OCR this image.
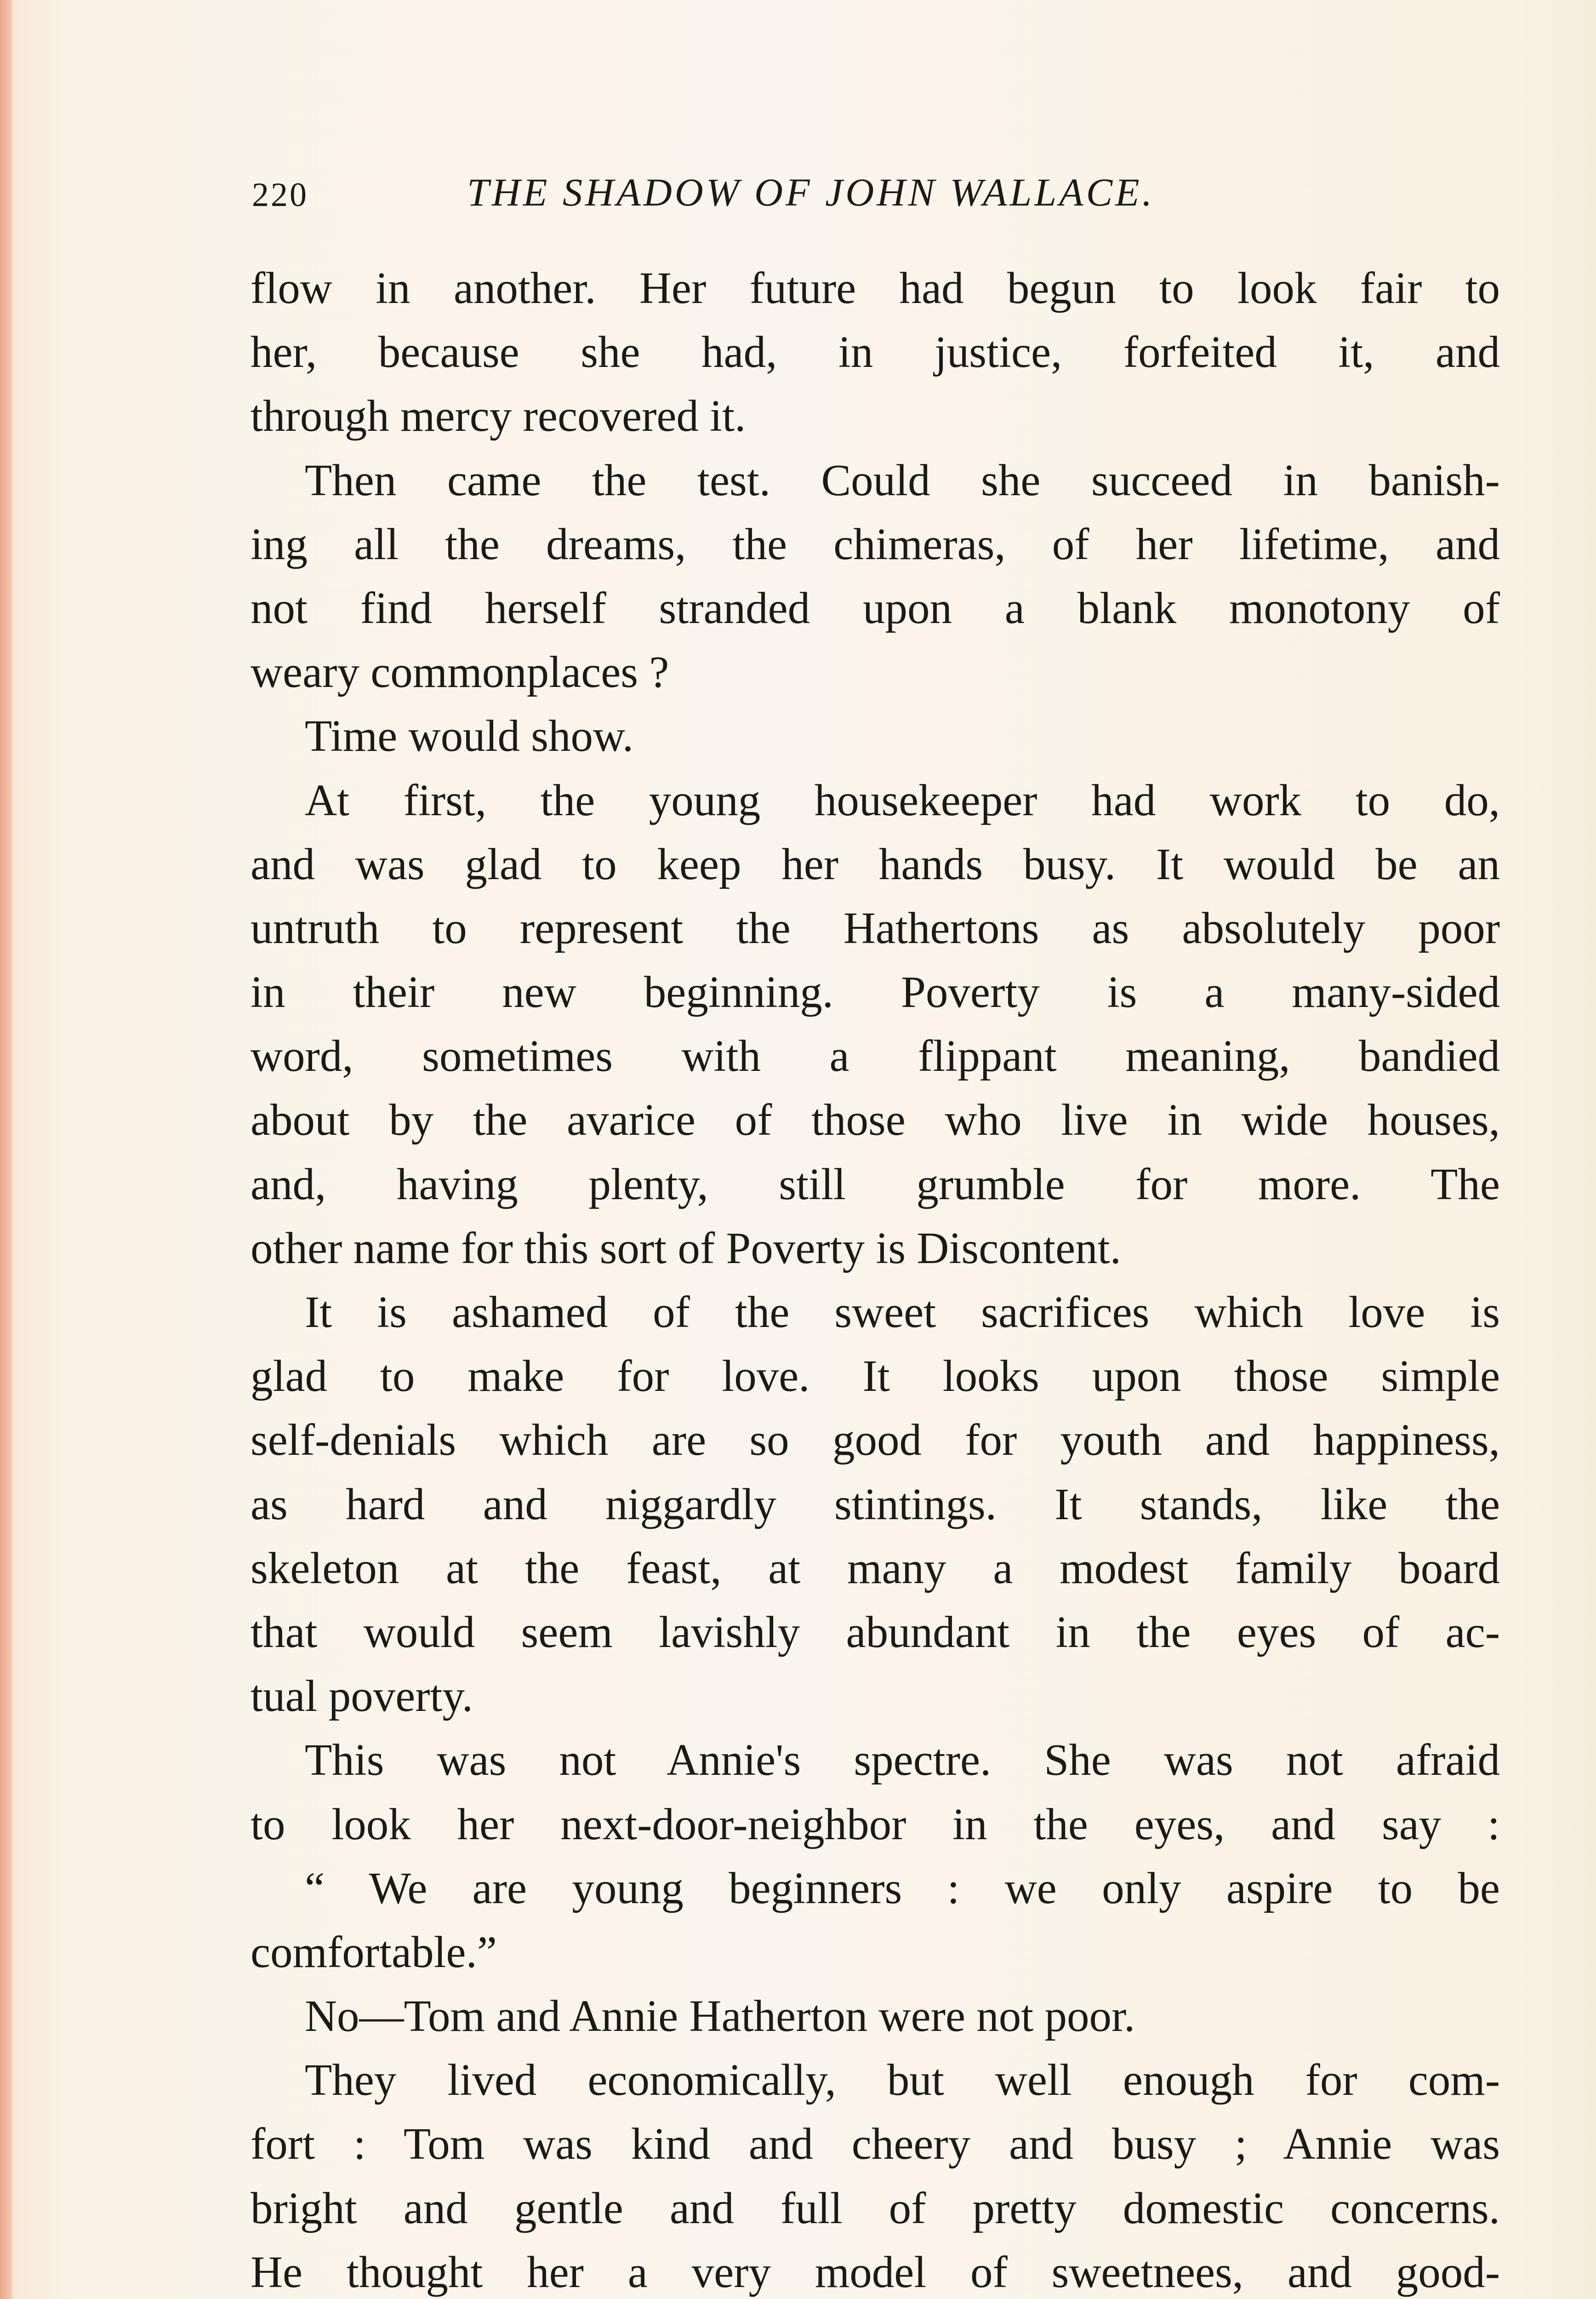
220	THE SHADOW OF JOHN WALLACE.
flow in another. Her future had begun to look fair to
her, because she had, in justice, forfeited it, and
through mercy recovered it.
Then came the test. Could she succeed in banish-
ing all the dreams, the chimeras, of her lifetime, and
not find herself stranded upon a blank monotony of
weary commonplaces ?
Time would show.
At first, the young housekeeper had work to do,
and was glad to keep her hands busy. It would be an
untruth to represent the Hathertons as absolutely poor
in their new beginning. Poverty is a many-sided
word, sometimes with a flippant meaning, bandied
about by the avarice of those who live in wide houses,
and, having plenty, still grumble for more. The
other name for this sort of Poverty is Discontent.
It is ashamed of the sweet sacrifices which love is
glad to make for love. It looks upon those simple
self-denials which are so good for youth and happiness,
as hard and niggardly stintings. It stands, like the
skeleton at the feast, at many a modest family board
that would seem lavishly abundant in the eyes of ac-
tual poverty.
This was not Annie's spectre. She was not afraid
to look her next-door-neighbor in the eyes, and say :
“ We are young beginners : we only aspire to be
comfortable.”
No—Tom and Annie Hatherton were not poor.
They lived economically, but well enough for com-
fort : Tom was kind and cheery and busy ; Annie was
bright and gentle and full of pretty domestic concerns.
He thought her a very model of sweetnees, and good-
